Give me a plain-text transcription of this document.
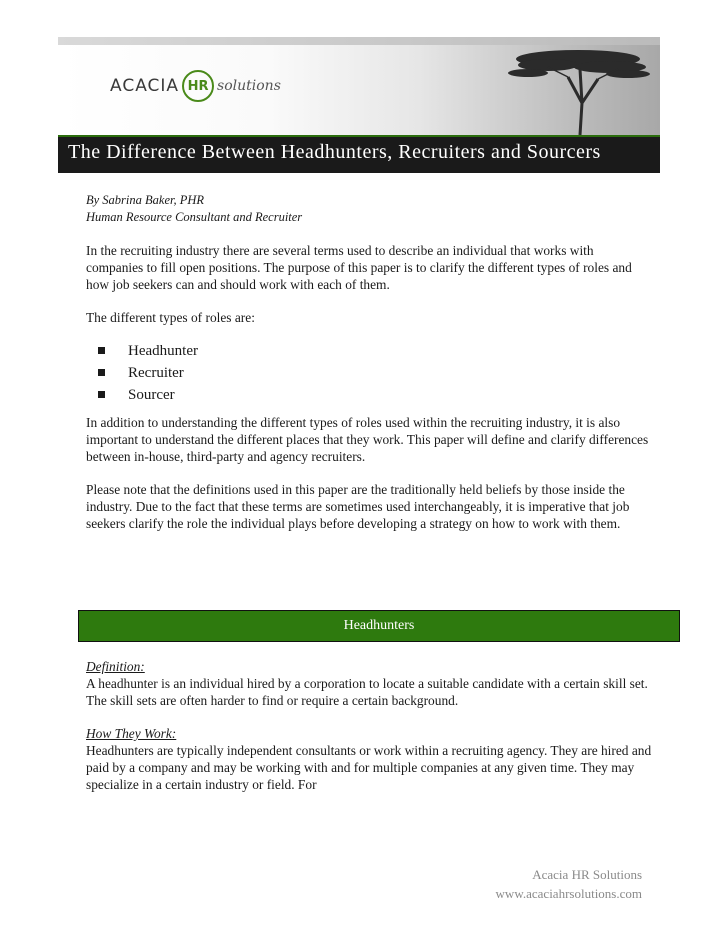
ACACIA HR solutions
The Difference Between Headhunters, Recruiters and Sourcers

By Sabrina Baker, PHR

Human Resource Consultant and Recruiter

In the recruiting industry there are several terms used to describe an individual that works with companies to fill open positions. The purpose of this paper is to clarify the different types of roles and how job seekers can and should work with each of them.

The different types of roles are:

Headhunter
Recruiter
Sourcer

In addition to understanding the different types of roles used within the recruiting industry, it is also important to understand the different places that they work. This paper will define and clarify differences between in-house, third-party and agency recruiters.

Please note that the definitions used in this paper are the traditionally held beliefs by those inside the industry. Due to the fact that these terms are sometimes used interchangeably, it is imperative that job seekers clarify the role the individual plays before developing a strategy on how to work with them.

Headhunters

Definition:

A headhunter is an individual hired by a corporation to locate a suitable candidate with a certain skill set. The skill sets are often harder to find or require a certain background.

How They Work:

Headhunters are typically independent consultants or work within a recruiting agency. They are hired and paid by a company and may be working with and for multiple companies at any given time. They may specialize in a certain industry or field. For

Acacia HR Solutions
www.acaciahrsolutions.com
